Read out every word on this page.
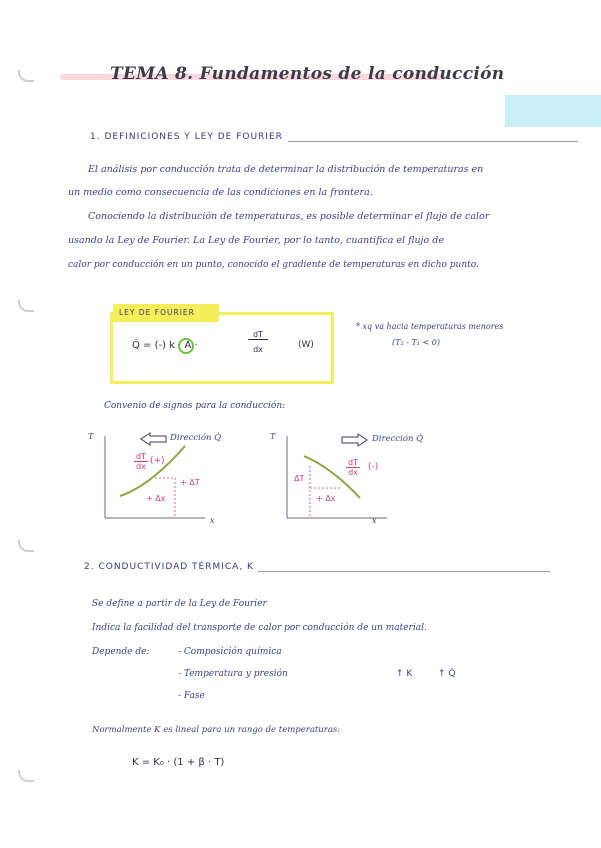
TEMA 8. Fundamentos de la conducción
1. DEFINICIONES Y LEY DE FOURIER
El análisis por conducción trata de determinar la distribución de temperaturas en
un medio como consecuencia de las condiciones en la frontera.
Conociendo la distribución de temperaturas, es posible determinar el flujo de calor
usando la Ley de Fourier. La Ley de Fourier, por lo tanto, cuantifica el flujo de
calor por conducción en un punto, conocido el gradiente de temperaturas en dicho punto.
LEY DE FOURIER
Q̇ = (-) k · A ·
dT
dx	(W)
* xq va hacia temperaturas menores
(T₂ - T₁ < 0)
Convenio de signos para la conducción:
T
x
Dirección Q̇
dT
dx
(+)
+ ΔT
+ Δx
T
x
Dirección Q̇
dT
dx
(-)
ΔT
+ Δx
2. CONDUCTIVIDAD TÉRMICA, K
Se define a partir de la Ley de Fourier
Indica la facilidad del transporte de calor por conducción de un material.
Depende de:	- Composición química
- Temperatura y presión
- Fase
↑ K	↑ Q̇
Normalmente K es lineal para un rango de temperaturas:
K = K₀ · (1 + β · T)
